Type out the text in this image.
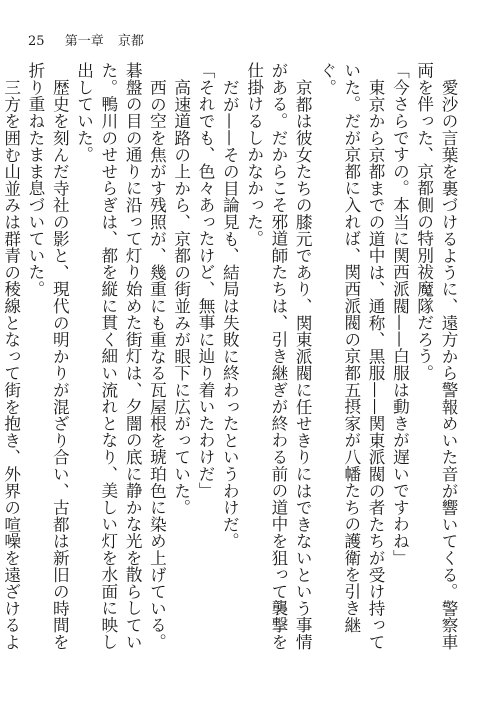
25 第一章 京都

愛沙の言葉を裏づけるように、遠方から警報めいた音が響いてくる。警察車両を伴った、京都側の特別祓魔隊だろう。

「今さらですの。本当に関西派閥——白服は動きが遅いですわね」

東京から京都までの道中は、通称、黒服——関東派閥の者たちが受け持っていた。だが京都に入れば、関西派閥の京都五摂家が八幡たちの護衛を引き継ぐ。

京都は彼女たちの膝元であり、関東派閥に任せきりにはできないという事情がある。だからこそ邪道師たちは、引き継ぎが終わる前の道中を狙って襲撃を仕掛けるしかなかった。

だが——その目論見も、結局は失敗に終わったというわけだ。

「それでも、色々あったけど、無事に辿り着いたわけだ」

高速道路の上から、京都の街並みが眼下に広がっていた。

西の空を焦がす残照が、幾重にも重なる瓦屋根を琥珀色に染め上げている。碁盤の目の通りに沿って灯り始めた街灯は、夕闇の底に静かな光を散らしていた。鴨川のせせらぎは、都を縦に貫く細い流れとなり、美しい灯を水面に映し出していた。

歴史を刻んだ寺社の影と、現代の明かりが混ざり合い、古都は新旧の時間を折り重ねたまま息づいていた。

三方を囲む山並みは群青の稜線となって街を抱き、外界の喧噪を遠ざけるよ
